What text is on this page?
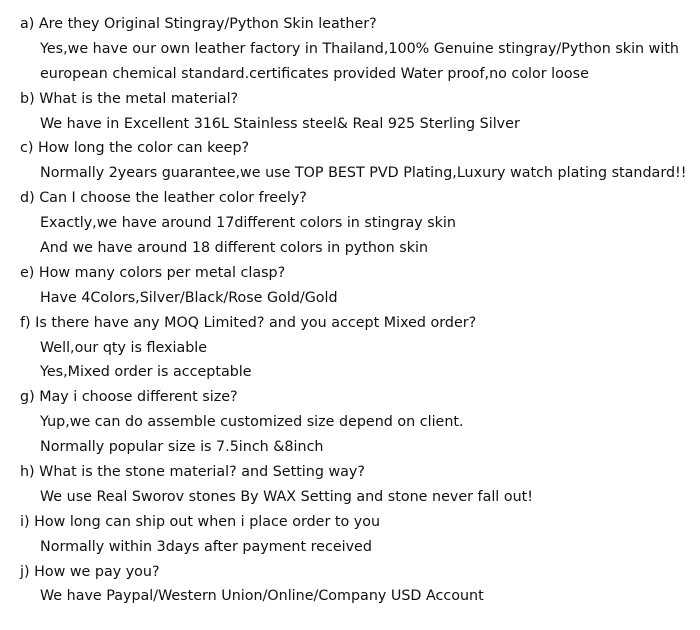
a) Are they Original Stingray/Python Skin leather?
Yes,we have our own leather factory in Thailand,100% Genuine stingray/Python skin with
european chemical standard.certificates provided Water proof,no color loose
b) What is the metal material?
We have in Excellent 316L Stainless steel& Real 925 Sterling Silver
c) How long the color can keep?
Normally 2years guarantee,we use TOP BEST PVD Plating,Luxury watch plating standard!!
d) Can I choose the leather color freely?
Exactly,we have around 17different colors in stingray skin
And we have around 18 different colors in python skin
e) How many colors per metal clasp?
Have 4Colors,Silver/Black/Rose Gold/Gold
f) Is there have any MOQ Limited? and you accept Mixed order?
Well,our qty is flexiable
Yes,Mixed order is acceptable
g) May i choose different size?
Yup,we can do assemble customized size depend on client.
Normally popular size is 7.5inch &8inch
h) What is the stone material? and Setting way?
We use Real Sworov stones By WAX Setting and stone never fall out!
i) How long can ship out when i place order to you
Normally within 3days after payment received
j) How we pay you?
We have Paypal/Western Union/Online/Company USD Account
